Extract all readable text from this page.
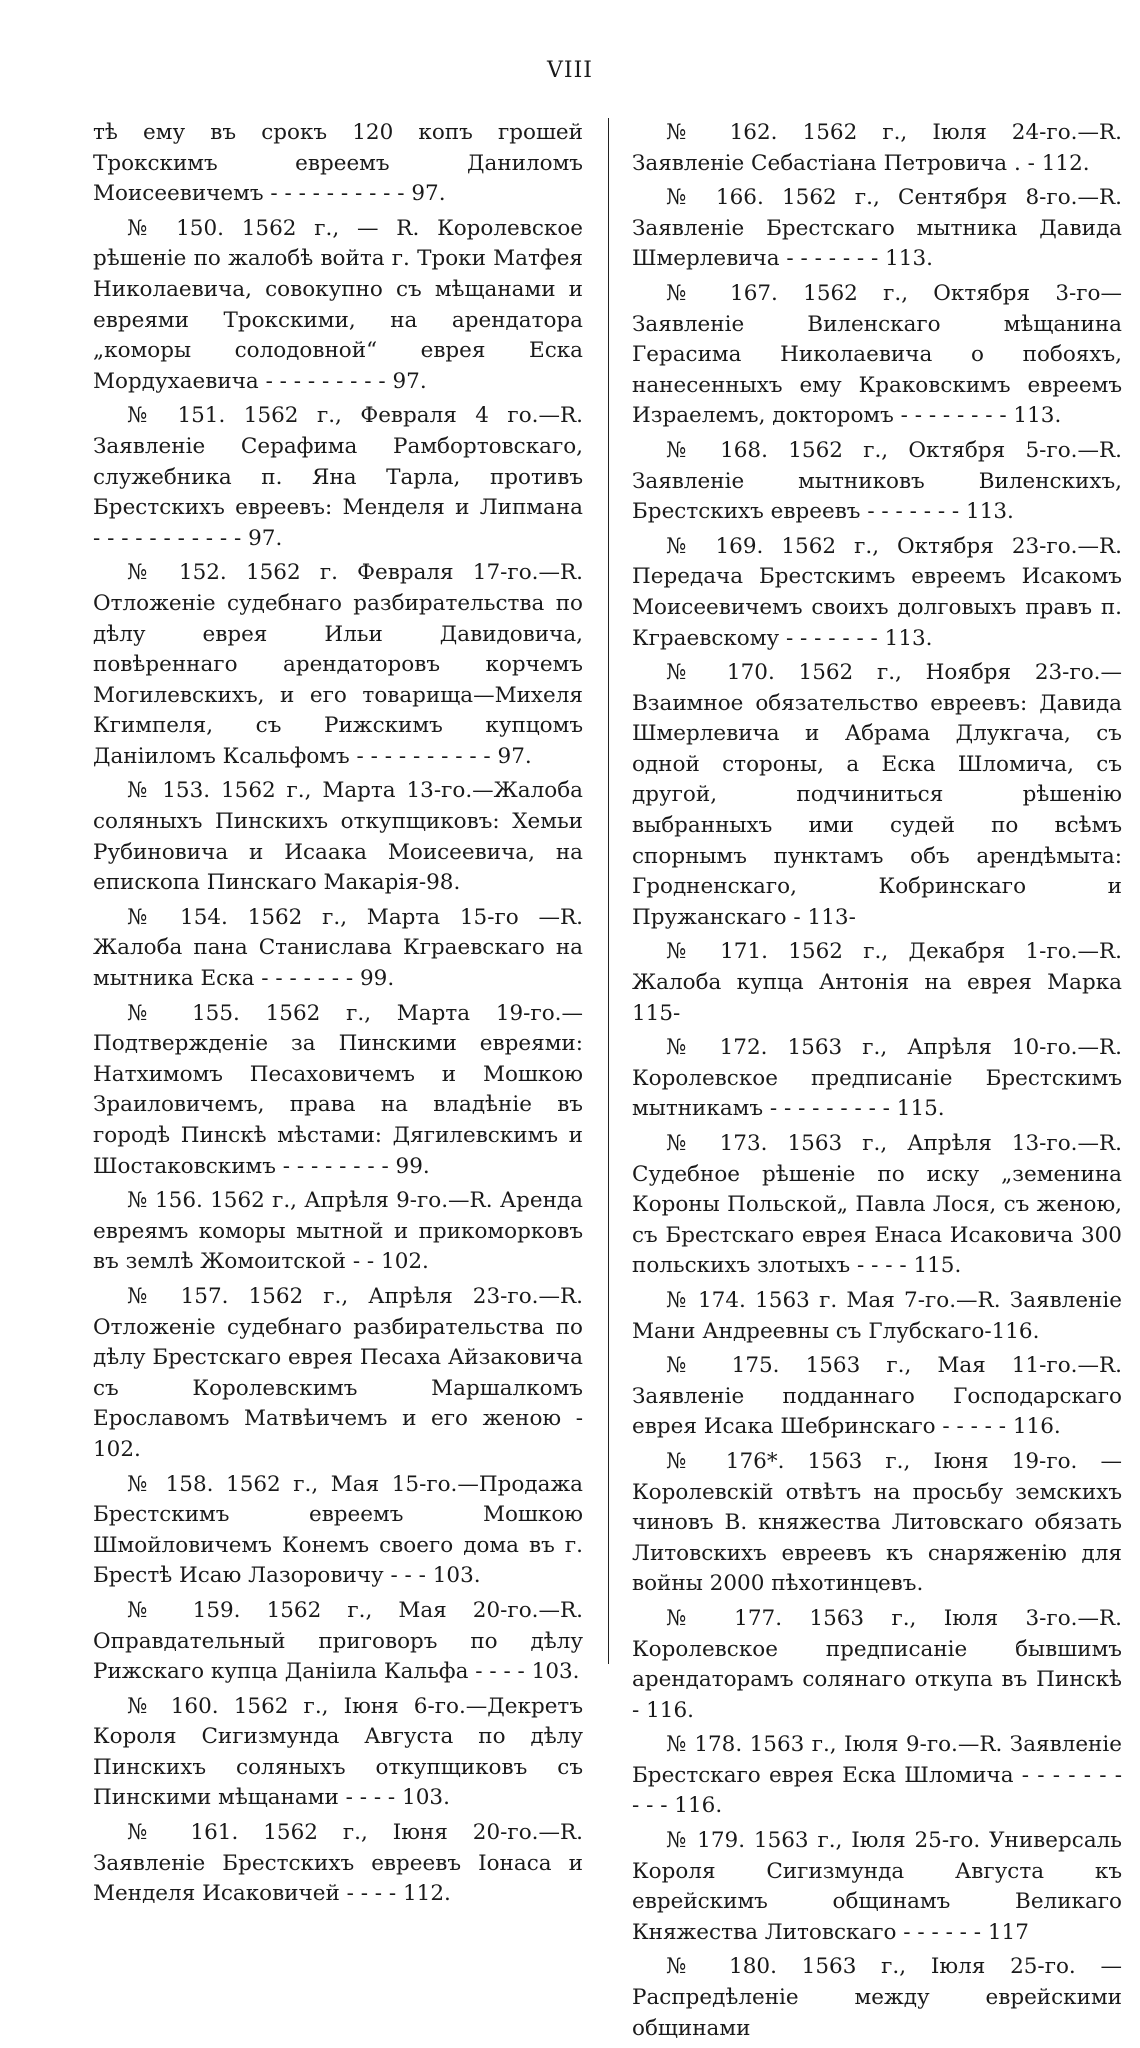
VIII

тѣ ему въ срокъ 120 копъ грошей Трокскимъ евреемъ Даниломъ Моисеевичемъ - - - - - - - - - - 97.

№ 150. 1562 г., — R. Королевское рѣшеніе по жалобѣ войта г. Троки Матфея Николаевича, совокупно съ мѣщанами и евреями Трокскими, на арендатора „коморы солодовной“ еврея Еска Мордухаевича - - - - - - - - - 97.

№ 151. 1562 г., Февраля 4 го.—R. Заявленіе Серафима Рамбортовскаго, служебника п. Яна Тарла, противъ Брестскихъ евреевъ: Менделя и Липмана - - - - - - - - - - - 97.

№ 152. 1562 г. Февраля 17-го.—R. Отложеніе судебнаго разбирательства по дѣлу еврея Ильи Давидовича, повѣреннаго арендаторовъ корчемъ Могилевскихъ, и его товарища—Михеля Кгимпеля, съ Рижскимъ купцомъ Даніиломъ Ксальфомъ - - - - - - - - - - 97.

№ 153. 1562 г., Марта 13-го.—Жалоба соляныхъ Пинскихъ откупщиковъ: Хемьи Рубиновича и Исаака Моисеевича, на епископа Пинскаго Макарія-98.

№ 154. 1562 г., Марта 15-го —R. Жалоба пана Станислава Кграевскаго на мытника Еска - - - - - - - 99.

№ 155. 1562 г., Марта 19-го.—Подтвержденіе за Пинскими евреями: Натхимомъ Песаховичемъ и Мошкою Зраиловичемъ, права на владѣніе въ городѣ Пинскѣ мѣстами: Дягилевскимъ и Шостаковскимъ - - - - - - - - 99.

№ 156. 1562 г., Апрѣля 9-го.—R. Аренда евреямъ коморы мытной и прикоморковъ въ землѣ Жомоитской - - 102.

№ 157. 1562 г., Апрѣля 23-го.—R. Отложеніе судебнаго разбирательства по дѣлу Брестскаго еврея Песаха Айзаковича съ Королевскимъ Маршалкомъ Ерославомъ Матвѣичемъ и его женою - 102.

№ 158. 1562 г., Мая 15-го.—Продажа Брестскимъ евреемъ Мошкою Шмойловичемъ Конемъ своего дома въ г. Брестѣ Исаю Лазоровичу - - - 103.

№ 159. 1562 г., Мая 20-го.—R. Оправдательный приговоръ по дѣлу Рижскаго купца Даніила Кальфа - - - - 103.

№ 160. 1562 г., Іюня 6-го.—Декретъ Короля Сигизмунда Августа по дѣлу Пинскихъ соляныхъ откупщиковъ съ Пинскими мѣщанами - - - - 103.

№ 161. 1562 г., Іюня 20-го.—R. Заявленіе Брестскихъ евреевъ Іонаса и Менделя Исаковичей - - - - 112.

№ 162. 1562 г., Іюля 24-го.—R. Заявленіе Себастіана Петровича . - 112.

№ 166. 1562 г., Сентября 8-го.—R. Заявленіе Брестскаго мытника Давида Шмерлевича - - - - - - - 113.

№ 167. 1562 г., Октября 3-го—Заявленіе Виленскаго мѣщанина Герасима Николаевича о побояхъ, нанесенныхъ ему Краковскимъ евреемъ Израелемъ, докторомъ - - - - - - - - 113.

№ 168. 1562 г., Октября 5-го.—R. Заявленіе мытниковъ Виленскихъ, Брестскихъ евреевъ - - - - - - - 113.

№ 169. 1562 г., Октября 23-го.—R. Передача Брестскимъ евреемъ Исакомъ Моисеевичемъ своихъ долговыхъ правъ п. Кграевскому - - - - - - - 113.

№ 170. 1562 г., Ноября 23-го.—Взаимное обязательство евреевъ: Давида Шмерлевича и Абрама Длукгача, съ одной стороны, а Еска Шломича, съ другой, подчиниться рѣшенію выбранныхъ ими судей по всѣмъ спорнымъ пунктамъ объ арендѣмыта: Гродненскаго, Кобринскаго и Пружанскаго - 113-

№ 171. 1562 г., Декабря 1-го.—R. Жалоба купца Антонія на еврея Марка 115-

№ 172. 1563 г., Апрѣля 10-го.—R. Королевское предписаніе Брестскимъ мытникамъ - - - - - - - - - 115.

№ 173. 1563 г., Апрѣля 13-го.—R. Судебное рѣшеніе по иску „земенина Короны Польской„ Павла Лося, съ женою, съ Брестскаго еврея Енаса Исаковича 300 польскихъ злотыхъ - - - - 115.

№ 174. 1563 г. Мая 7-го.—R. Заявленіе Мани Андреевны съ Глубскаго-116.

№ 175. 1563 г., Мая 11-го.—R. Заявленіе подданнаго Господарскаго еврея Исака Шебринскаго - - - - - 116.

№ 176*. 1563 г., Іюня 19-го. — Королевскій отвѣтъ на просьбу земскихъ чиновъ В. княжества Литовскаго обязать Литовскихъ евреевъ къ снаряженію для войны 2000 пѣхотинцевъ.

№ 177. 1563 г., Іюля 3-го.—R. Королевское предписаніе бывшимъ арендаторамъ солянаго откупа въ Пинскѣ - 116.

№ 178. 1563 г., Іюля 9-го.—R. Заявленіе Брестскаго еврея Еска Шломича - - - - - - - - - - 116.

№ 179. 1563 г., Іюля 25-го. Универсаль Короля Сигизмунда Августа къ еврейскимъ общинамъ Великаго Княжества Литовскаго - - - - - - 117

№ 180. 1563 г., Іюля 25-го. — Распредѣленіе между еврейскими общинами
